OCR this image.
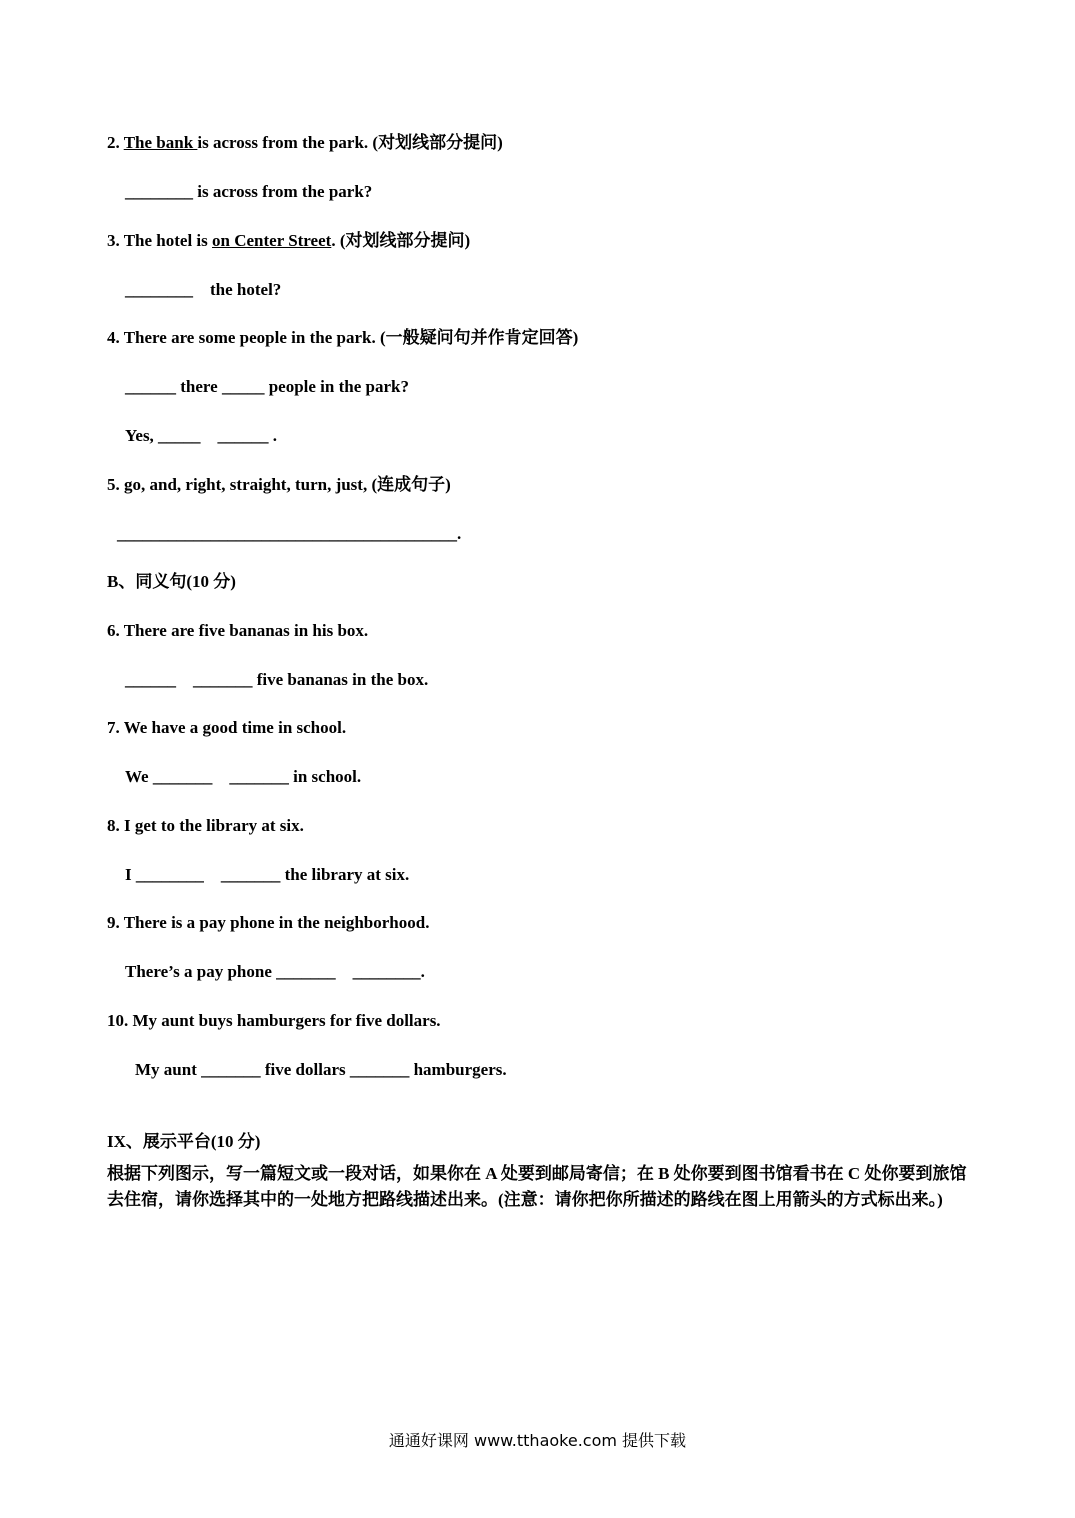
2. The bank is across from the park. (对划线部分提问)
________ is across from the park?
3. The hotel is on Center Street. (对划线部分提问)
________    the hotel?
4. There are some people in the park. (一般疑问句并作肯定回答)
______ there _____ people in the park?
Yes, _____    ______ .
5. go, and, right, straight, turn, just, (连成句子)
________________________________________.
B、同义句(10 分)
6. There are five bananas in his box.
______    _______ five bananas in the box.
7. We have a good time in school.
We _______    _______ in school.
8. I get to the library at six.
I ________    _______ the library at six.
9. There is a pay phone in the neighborhood.
There’s a pay phone _______    ________.
10. My aunt buys hamburgers for five dollars.
My aunt _______ five dollars _______ hamburgers.
IX、展示平台(10 分)
根据下列图示，写一篇短文或一段对话，如果你在 A 处要到邮局寄信；在 B 处你要到图书馆看书在 C 处你要到旅馆去住宿，请你选择其中的一处地方把路线描述出来。(注意：请你把你所描述的路线在图上用箭头的方式标出来。)
通通好课网 www.tthaoke.com 提供下载
